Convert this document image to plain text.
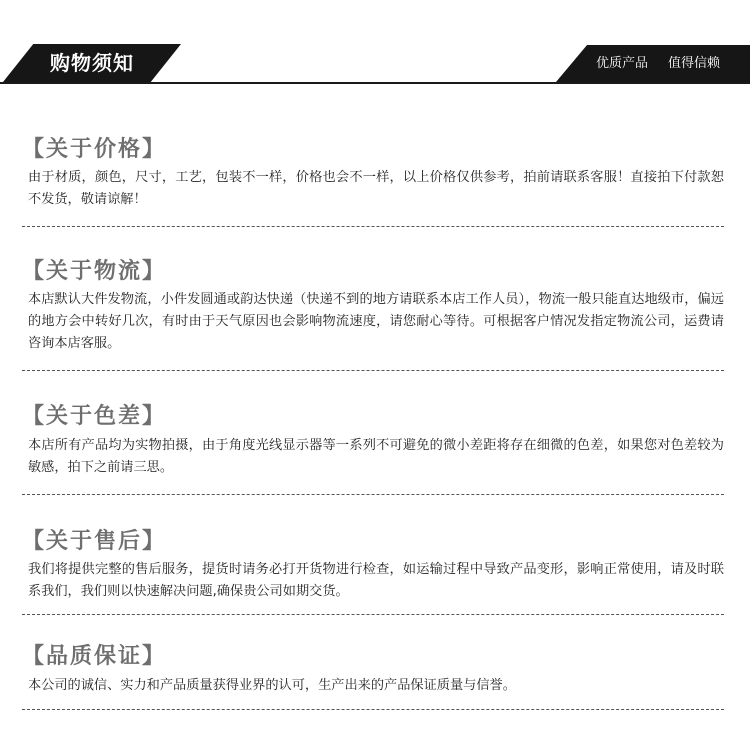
购物须知	优质产品 值得信赖
【关于价格】

由于材质，颜色，尺寸，工艺，包装不一样，价格也会不一样，以上价格仅供参考，拍前请联系客服！直接拍下付款恕不发货，敬请谅解！

【关于物流】

本店默认大件发物流，小件发圆通或韵达快递（快递不到的地方请联系本店工作人员），物流一般只能直达地级市，偏远的地方会中转好几次，有时由于天气原因也会影响物流速度，请您耐心等待。可根据客户情况发指定物流公司，运费请咨询本店客服。

【关于色差】

本店所有产品均为实物拍摄，由于角度光线显示器等一系列不可避免的微小差距将存在细微的色差，如果您对色差较为敏感，拍下之前请三思。

【关于售后】

我们将提供完整的售后服务，提货时请务必打开货物进行检查，如运输过程中导致产品变形，影响正常使用，请及时联系我们，我们则以快速解决问题,确保贵公司如期交货。

【品质保证】

本公司的诚信、实力和产品质量获得业界的认可，生产出来的产品保证质量与信誉。
